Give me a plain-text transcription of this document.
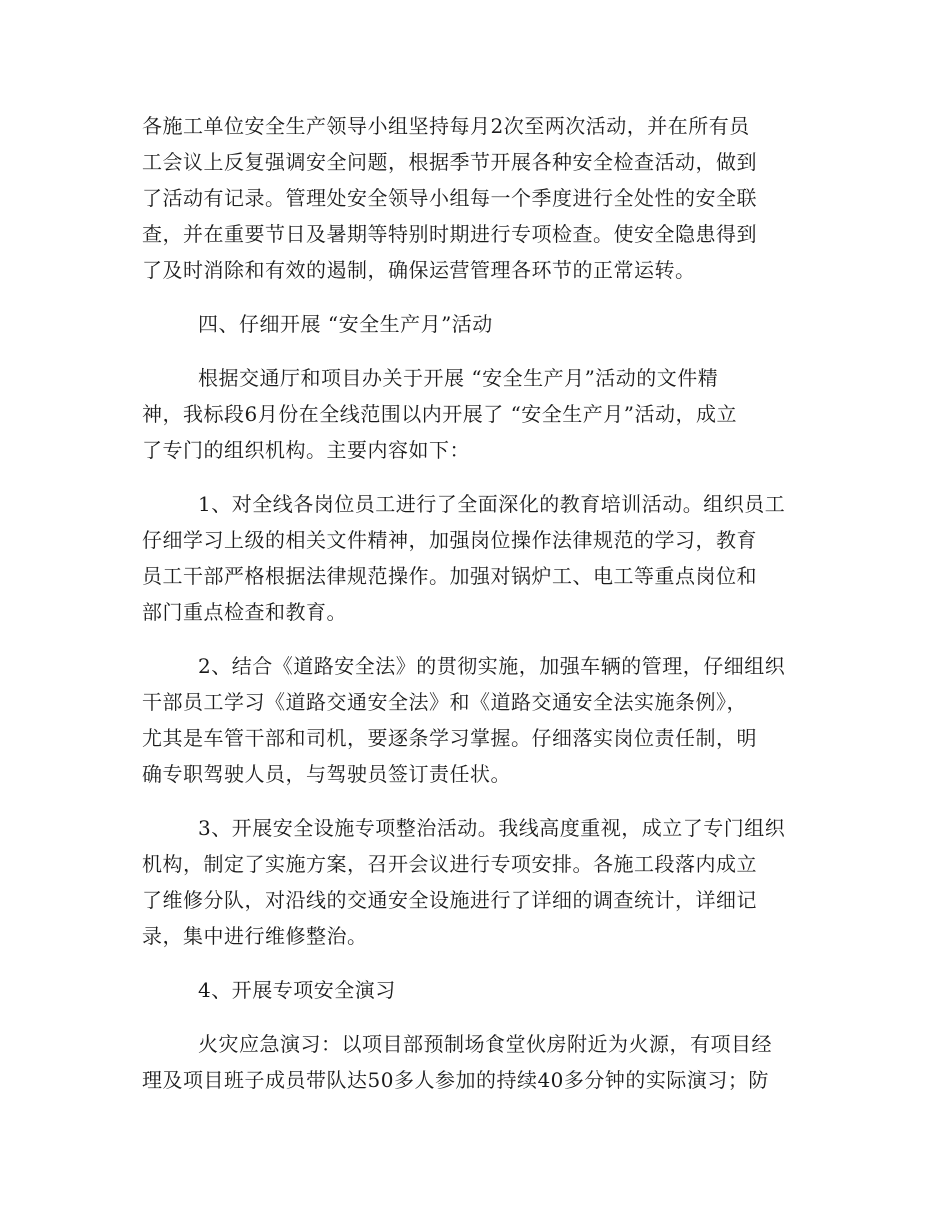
各施工单位安全生产领导小组坚持每月2次至两次活动，并在所有员
工会议上反复强调安全问题，根据季节开展各种安全检查活动，做到
了活动有记录。管理处安全领导小组每一个季度进行全处性的安全联
查，并在重要节日及暑期等特别时期进行专项检查。使安全隐患得到
了及时消除和有效的遏制，确保运营管理各环节的正常运转。
四、仔细开展 “安全生产月”活动
根据交通厅和项目办关于开展 “安全生产月”活动的文件精
神，我标段6月份在全线范围以内开展了 “安全生产月”活动，成立
了专门的组织机构。主要内容如下：
1、对全线各岗位员工进行了全面深化的教育培训活动。组织员工
仔细学习上级的相关文件精神，加强岗位操作法律规范的学习，教育
员工干部严格根据法律规范操作。加强对锅炉工、电工等重点岗位和
部门重点检查和教育。
2、结合《道路安全法》的贯彻实施，加强车辆的管理，仔细组织
干部员工学习《道路交通安全法》和《道路交通安全法实施条例》，
尤其是车管干部和司机，要逐条学习掌握。仔细落实岗位责任制，明
确专职驾驶人员，与驾驶员签订责任状。
3、开展安全设施专项整治活动。我线高度重视，成立了专门组织
机构，制定了实施方案，召开会议进行专项安排。各施工段落内成立
了维修分队，对沿线的交通安全设施进行了详细的调查统计，详细记
录，集中进行维修整治。
4、开展专项安全演习
火灾应急演习：以项目部预制场食堂伙房附近为火源，有项目经
理及项目班子成员带队达50多人参加的持续40多分钟的实际演习；防
